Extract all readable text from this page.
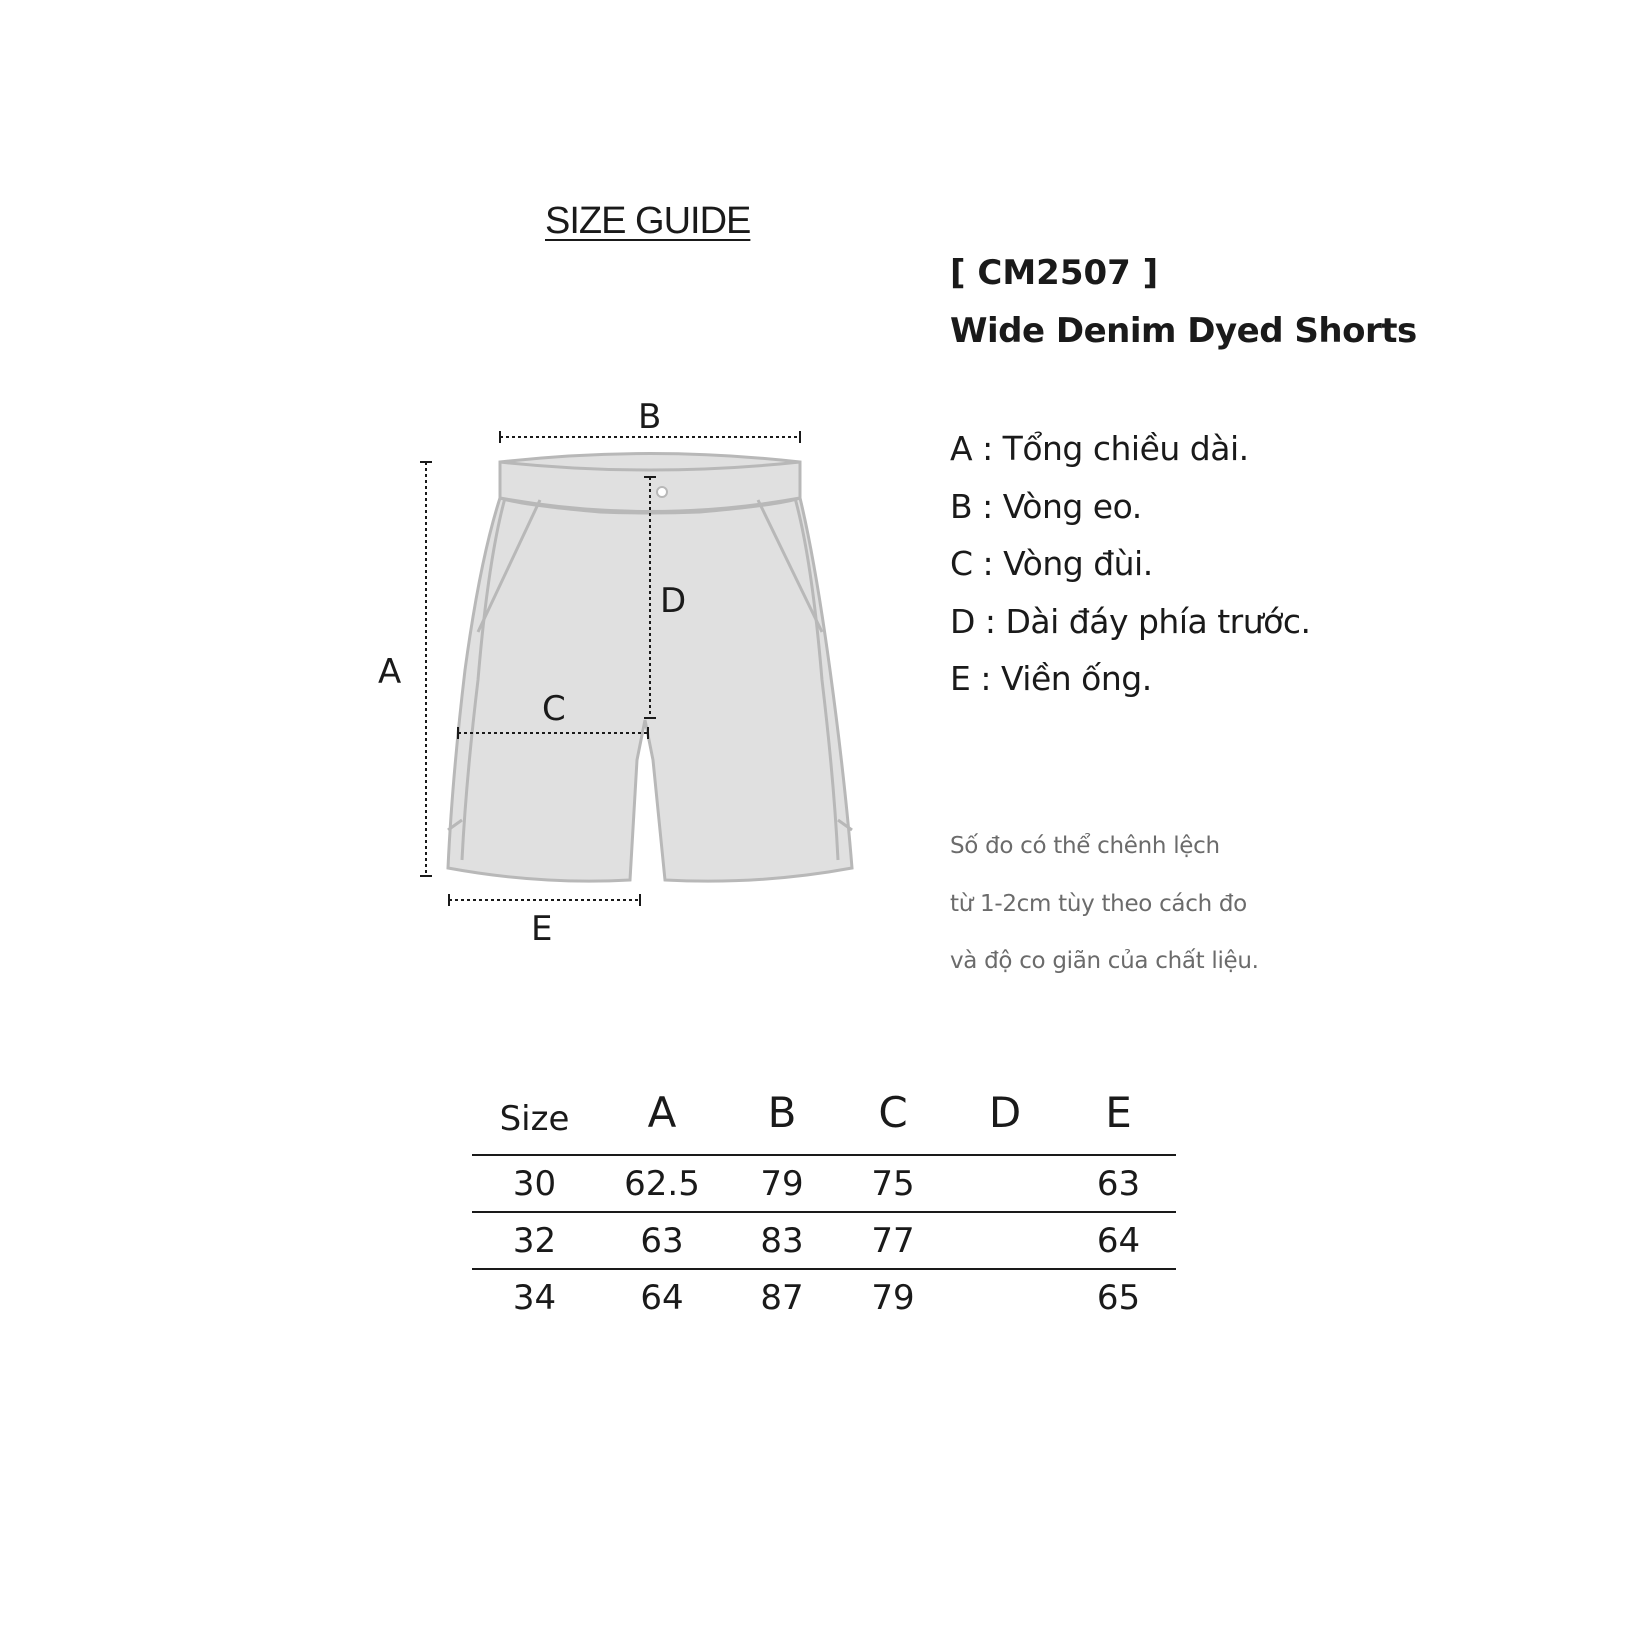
SIZE GUIDE
[ CM2507 ]
Wide Denim Dyed Shorts
A : Tổng chiều dài.
B : Vòng eo.
C : Vòng đùi.
D : Dài đáy phía trước.
E : Viền ống.
Số đo có thể chênh lệch
từ 1-2cm tùy theo cách đo
và độ co giãn của chất liệu.
A
B
C
D
E
Size	A	B	C	D	E
30	62.5	79	75		63
32	63	83	77		64
34	64	87	79		65
